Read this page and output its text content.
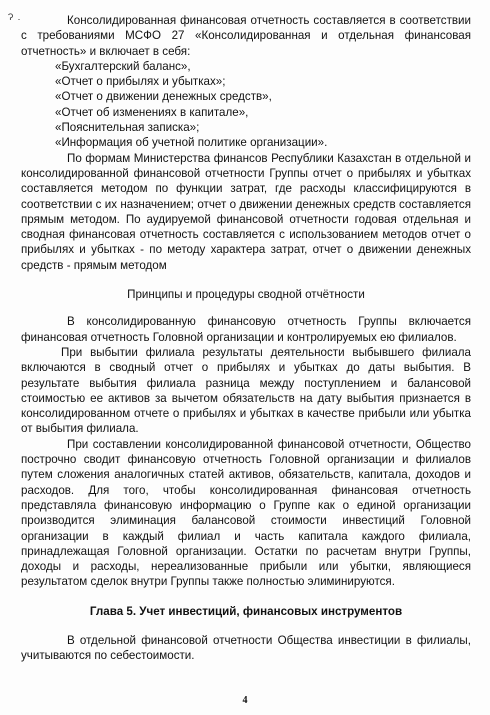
Ɂ .	Консолидированная финансовая отчетность составляется в соответствии с требованиями МСФО 27 «Консолидированная и отдельная финансовая отчетность» и включает в себя:

«Бухгалтерский баланс»,
«Отчет о прибылях и убытках»;
«Отчет о движении денежных средств»,
«Отчет об изменениях в капитале»,
«Пояснительная записка»;
«Информация об учетной политике организации».

По формам Министерства финансов Республики Казахстан в отдельной и консолидированной финансовой отчетности Группы отчет о прибылях и убытках составляется методом по функции затрат, где расходы классифицируются в соответствии с их назначением; отчет о движении денежных средств составляется прямым методом. По аудируемой финансовой отчетности годовая отдельная и сводная финансовая отчетность составляется с использованием методов отчет о прибылях и убытках - по методу характера затрат, отчет о движении денежных средств - прямым методом

Принципы и процедуры сводной отчётности

В консолидированную финансовую отчетность Группы включается финансовая отчетность Головной организации и контролируемых ею филиалов.

При выбытии филиала результаты деятельности выбывшего филиала включаются в сводный отчет о прибылях и убытках до даты выбытия. В результате выбытия филиала разница между поступлением и балансовой стоимостью ее активов за вычетом обязательств на дату выбытия признается в консолидированном отчете о прибылях и убытках в качестве прибыли или убытка от выбытия филиала.

При составлении консолидированной финансовой отчетности, Общество построчно сводит финансовую отчетность Головной организации и филиалов путем сложения аналогичных статей активов, обязательств, капитала, доходов и расходов. Для того, чтобы консолидированная финансовая отчетность представляла финансовую информацию о Группе как о единой организации производится элиминация балансовой стоимости инвестиций Головной организации в каждый филиал и часть капитала каждого филиала, принадлежащая Головной организации. Остатки по расчетам внутри Группы, доходы и расходы, нереализованные прибыли или убытки, являющиеся результатом сделок внутри Группы также полностью элиминируются.

Глава 5. Учет инвестиций, финансовых инструментов

В отдельной финансовой отчетности Общества инвестиции в филиалы, учитываются по себестоимости.

4
